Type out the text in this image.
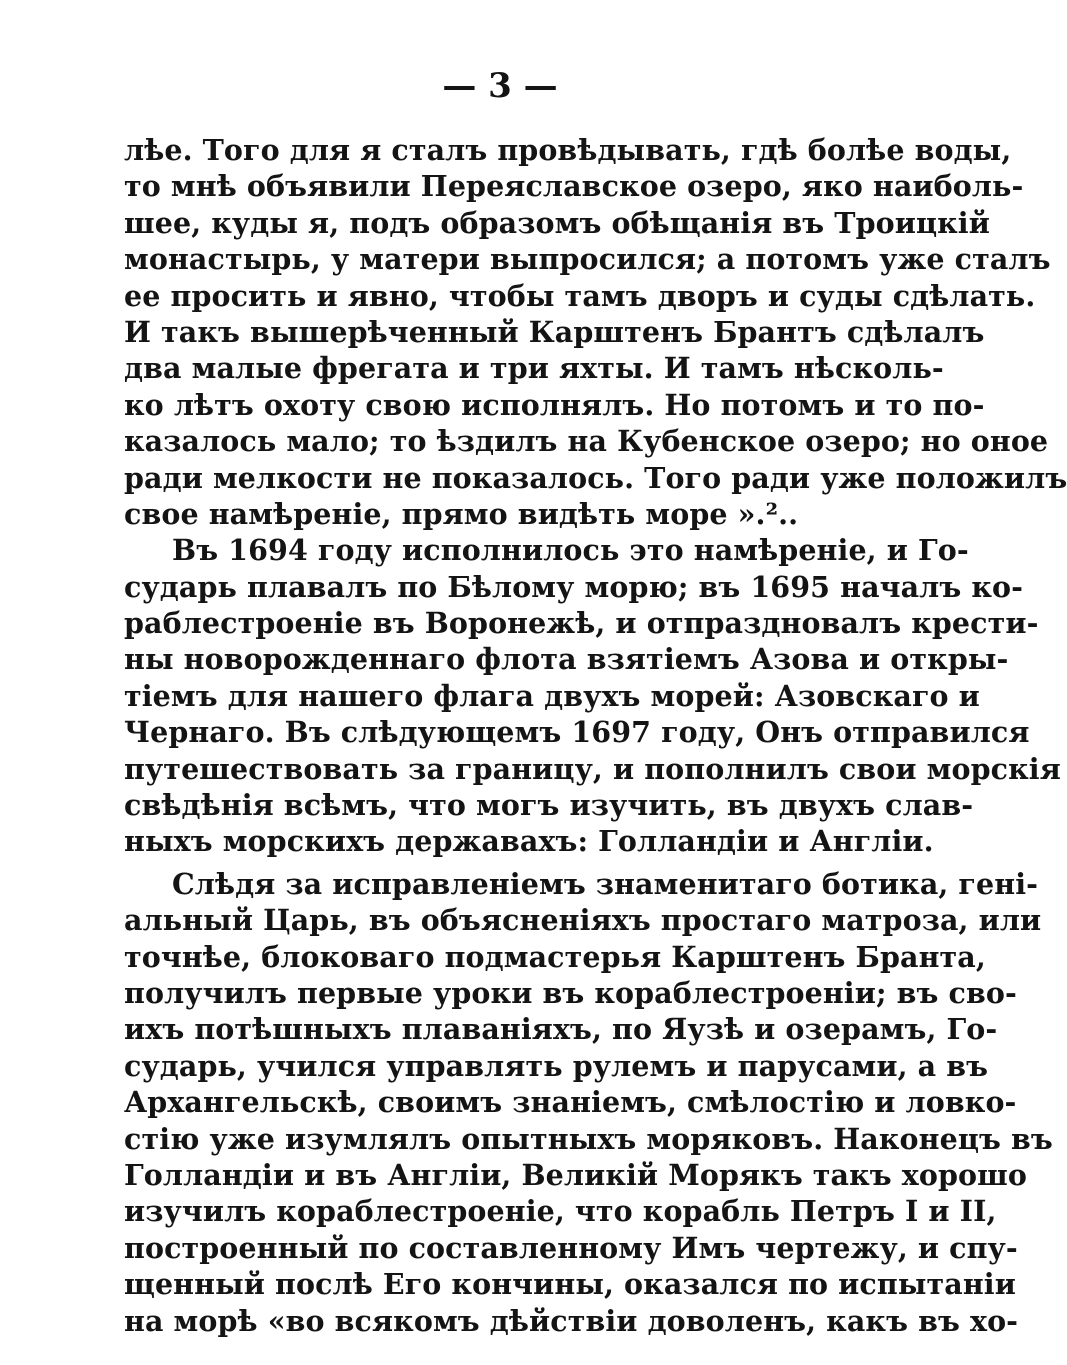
— 3 —
лѣе. Того для я сталъ провѣдывать, гдѣ болѣе воды,
то мнѣ объявили Переяславское озеро, яко наиболь-
шее, куды я, подъ образомъ обѣщанія въ Троицкій
монастырь, у матери выпросился; а потомъ уже сталъ
ее просить и явно, чтобы тамъ дворъ и суды сдѣлать.
И такъ вышерѣченный Карштенъ Брантъ сдѣлалъ
два малые фрегата и три яхты. И тамъ нѣсколь-
ко лѣтъ охоту свою исполнялъ. Но потомъ и то по-
казалось мало; то ѣздилъ на Кубенское озеро; но оное
ради мелкости не показалось. Того ради уже положилъ
свое намѣреніе, прямо видѣть море ».²..
Въ 1694 году исполнилось это намѣреніе, и Го-
сударь плавалъ по Бѣлому морю; въ 1695 началъ ко-
раблестроеніе въ Воронежѣ, и отпраздновалъ крести-
ны новорожденнаго флота взятіемъ Азова и откры-
тіемъ для нашего флага двухъ морей: Азовскаго и
Чернаго. Въ слѣдующемъ 1697 году, Онъ отправился
путешествовать за границу, и пополнилъ свои морскія
свѣдѣнія всѣмъ, что могъ изучить, въ двухъ слав-
ныхъ морскихъ державахъ: Голландіи и Англіи.
Слѣдя за исправленіемъ знаменитаго ботика, гені-
альный Царь, въ объясненіяхъ простаго матроза, или
точнѣе, блоковаго подмастерья Карштенъ Бранта,
получилъ первые уроки въ кораблестроеніи; въ сво-
ихъ потѣшныхъ плаваніяхъ, по Яузѣ и озерамъ, Го-
сударь, учился управлять рулемъ и парусами, а въ
Архангельскѣ, своимъ знаніемъ, смѣлостію и ловко-
стію уже изумлялъ опытныхъ моряковъ. Наконецъ въ
Голландіи и въ Англіи, Великій Морякъ такъ хорошо
изучилъ кораблестроеніе, что корабль Петръ I и II,
построенный по составленному Имъ чертежу, и спу-
щенный послѣ Его кончины, оказался по испытаніи
на морѣ «во всякомъ дѣйствіи доволенъ, какъ въ хо-
